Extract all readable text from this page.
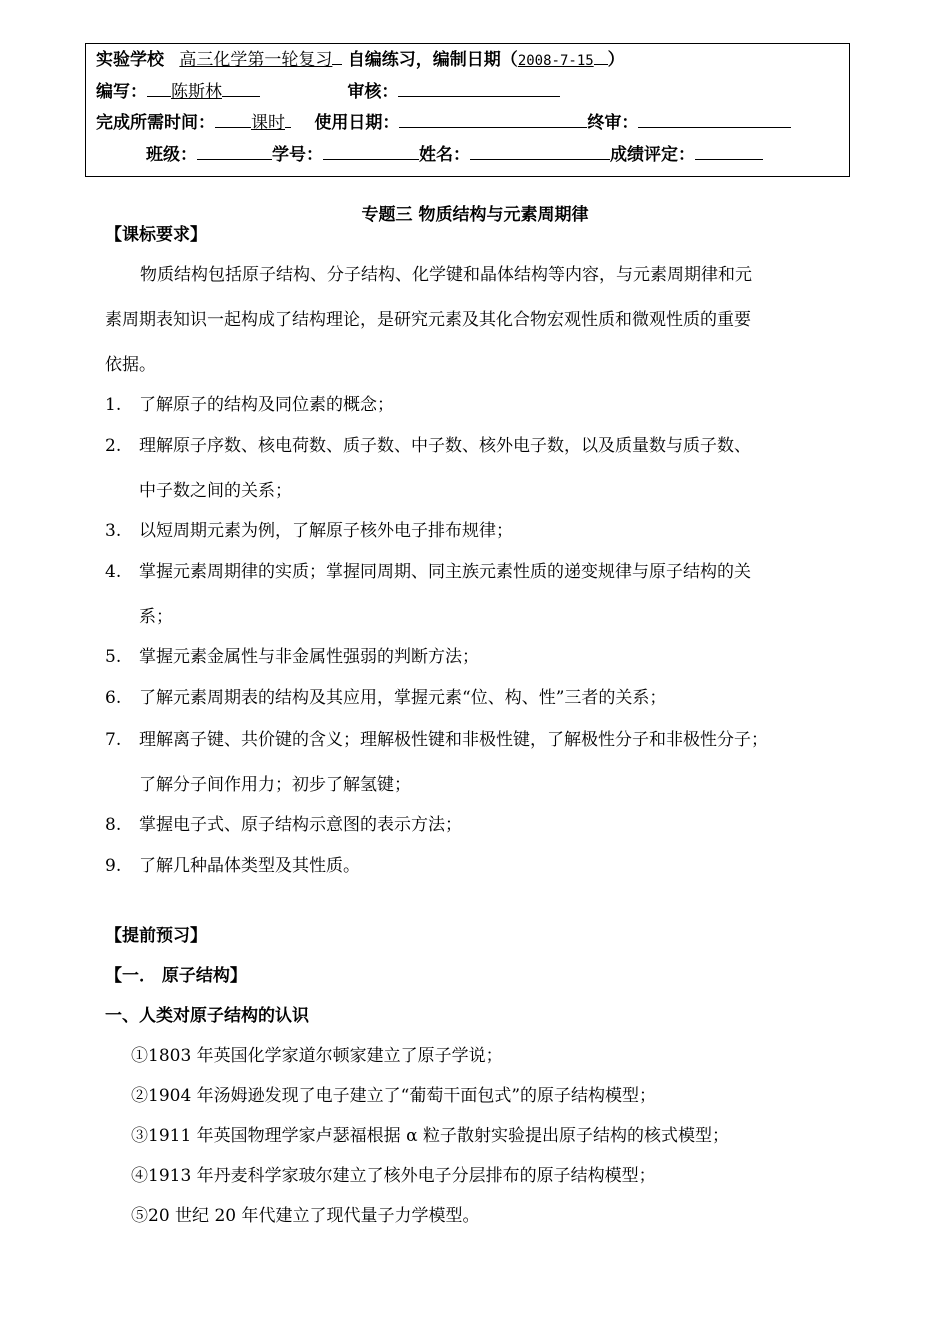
实验学校 高三化学第一轮复习 自编练习，编制日期（2008-7-15 ）
编写： 陈斯林	审核：
完成所需时间： 课时 使用日期：	终审：
班级：	学号：	姓名：	成绩评定：
专题三 物质结构与元素周期律
【课标要求】
物质结构包括原子结构、分子结构、化学键和晶体结构等内容，与元素周期律和元
素周期表知识一起构成了结构理论，是研究元素及其化合物宏观性质和微观性质的重要
依据。
1. 了解原子的结构及同位素的概念；
2. 理解原子序数、核电荷数、质子数、中子数、核外电子数，以及质量数与质子数、
中子数之间的关系；
3. 以短周期元素为例，了解原子核外电子排布规律；
4. 掌握元素周期律的实质；掌握同周期、同主族元素性质的递变规律与原子结构的关
系；
5. 掌握元素金属性与非金属性强弱的判断方法；
6. 了解元素周期表的结构及其应用，掌握元素“位、构、性”三者的关系；
7. 理解离子键、共价键的含义；理解极性键和非极性键，了解极性分子和非极性分子；
了解分子间作用力；初步了解氢键；
8. 掌握电子式、原子结构示意图的表示方法；
9. 了解几种晶体类型及其性质。
【提前预习】
【一． 原子结构】
一、人类对原子结构的认识
①1803 年英国化学家道尔顿家建立了原子学说；
②1904 年汤姆逊发现了电子建立了“葡萄干面包式”的原子结构模型；
③1911 年英国物理学家卢瑟福根据 α 粒子散射实验提出原子结构的核式模型；
④1913 年丹麦科学家玻尔建立了核外电子分层排布的原子结构模型；
⑤20 世纪 20 年代建立了现代量子力学模型。
